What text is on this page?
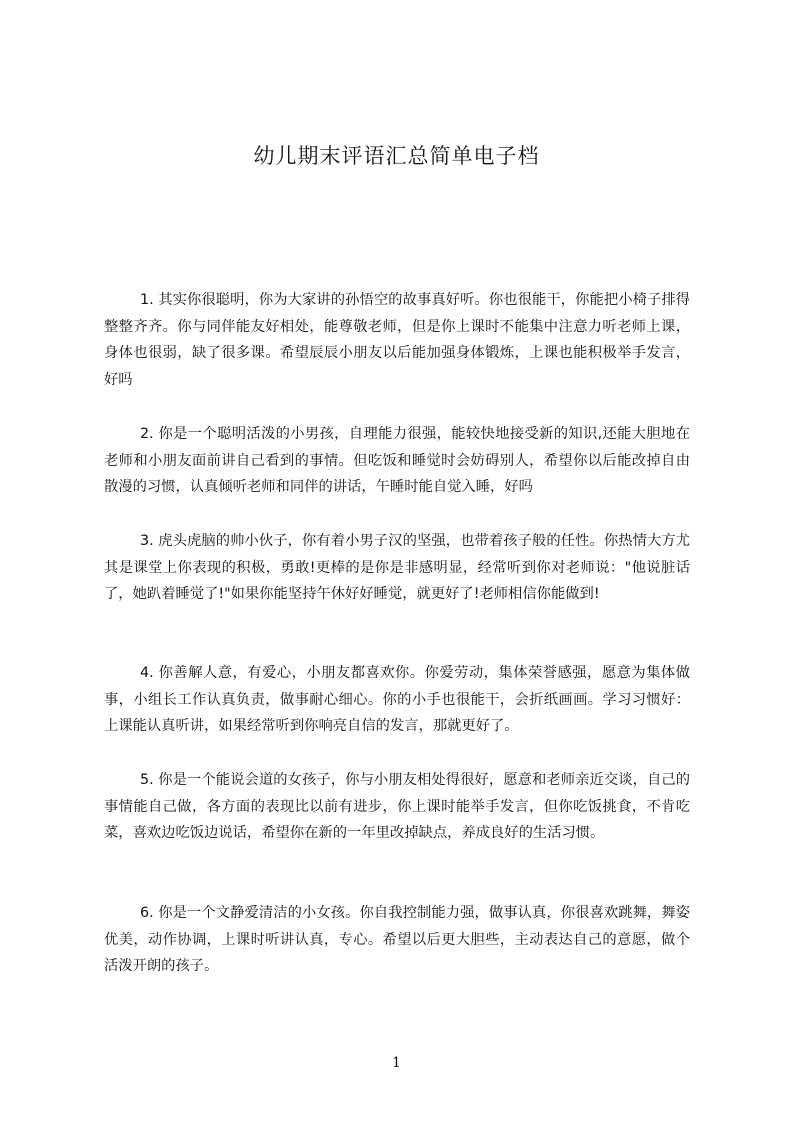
幼儿期末评语汇总简单电子档

1. 其实你很聪明，你为大家讲的孙悟空的故事真好听。你也很能干，你能把小椅子排得整整齐齐。你与同伴能友好相处，能尊敬老师，但是你上课时不能集中注意力听老师上课，身体也很弱，缺了很多课。希望辰辰小朋友以后能加强身体锻炼，上课也能积极举手发言，好吗

2. 你是一个聪明活泼的小男孩，自理能力很强，能较快地接受新的知识,还能大胆地在老师和小朋友面前讲自己看到的事情。但吃饭和睡觉时会妨碍别人，希望你以后能改掉自由散漫的习惯，认真倾听老师和同伴的讲话，午睡时能自觉入睡，好吗

3. 虎头虎脑的帅小伙子，你有着小男子汉的坚强，也带着孩子般的任性。你热情大方尤其是课堂上你表现的积极，勇敢!更棒的是你是非感明显，经常听到你对老师说："他说脏话了，她趴着睡觉了!"如果你能坚持午休好好睡觉，就更好了!老师相信你能做到!

4. 你善解人意，有爱心，小朋友都喜欢你。你爱劳动，集体荣誉感强，愿意为集体做事，小组长工作认真负责，做事耐心细心。你的小手也很能干，会折纸画画。学习习惯好：上课能认真听讲，如果经常听到你响亮自信的发言，那就更好了。

5. 你是一个能说会道的女孩子，你与小朋友相处得很好，愿意和老师亲近交谈，自己的事情能自己做，各方面的表现比以前有进步，你上课时能举手发言，但你吃饭挑食，不肯吃菜，喜欢边吃饭边说话，希望你在新的一年里改掉缺点，养成良好的生活习惯。

6. 你是一个文静爱清洁的小女孩。你自我控制能力强，做事认真，你很喜欢跳舞，舞姿优美，动作协调，上课时听讲认真，专心。希望以后更大胆些，主动表达自己的意愿，做个活泼开朗的孩子。

1
